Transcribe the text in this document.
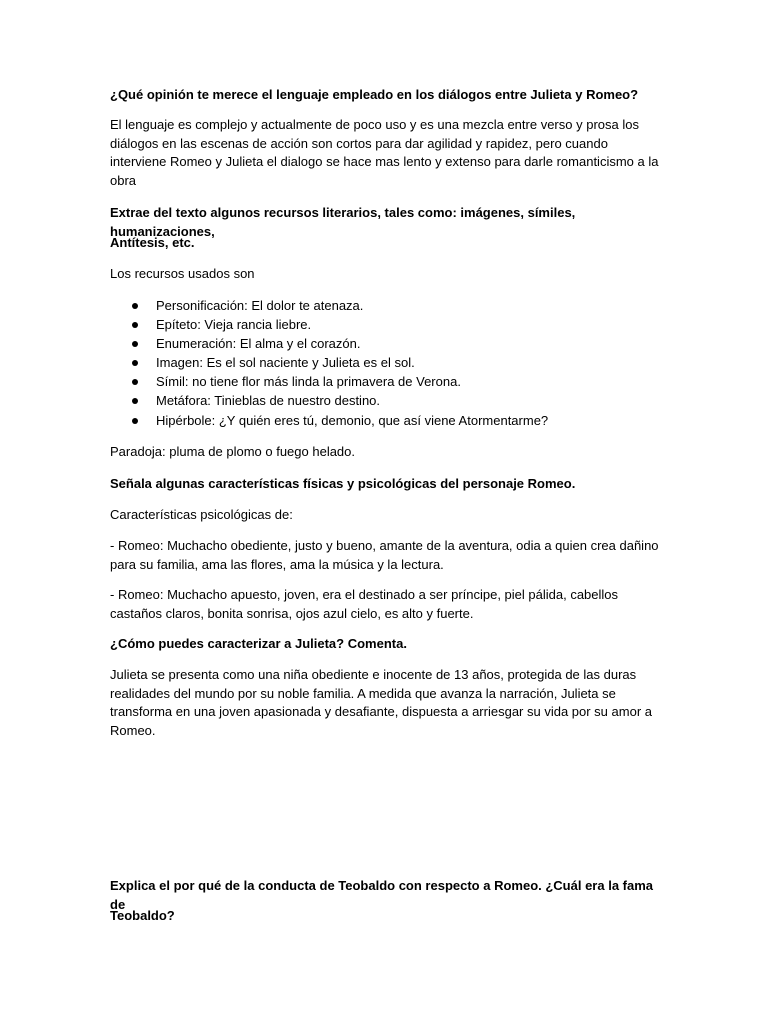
¿Qué opinión te merece el lenguaje empleado en los diálogos entre Julieta y Romeo?

El lenguaje es complejo y actualmente de poco uso y es una mezcla entre verso y prosa los diálogos en las escenas de acción son cortos para dar agilidad y rapidez, pero cuando interviene Romeo y Julieta el dialogo se hace mas lento y extenso para darle romanticismo a la obra

Extrae del texto algunos recursos literarios, tales como: imágenes, símiles, humanizaciones,

Antítesis, etc.

Los recursos usados son

Personificación: El dolor te atenaza.
Epíteto: Vieja rancia liebre.
Enumeración: El alma y el corazón.
Imagen: Es el sol naciente y Julieta es el sol.
Símil: no tiene flor más linda la primavera de Verona.
Metáfora: Tinieblas de nuestro destino.
Hipérbole: ¿Y quién eres tú, demonio, que así viene Atormentarme?

Paradoja: pluma de plomo o fuego helado.

Señala algunas características físicas y psicológicas del personaje Romeo.

Características psicológicas de:

- Romeo: Muchacho obediente, justo y bueno, amante de la aventura, odia a quien crea dañino para su familia, ama las flores, ama la música y la lectura.

- Romeo: Muchacho apuesto, joven, era el destinado a ser príncipe, piel pálida, cabellos castaños claros, bonita sonrisa, ojos azul cielo, es alto y fuerte.

¿Cómo puedes caracterizar a Julieta? Comenta.

Julieta se presenta como una niña obediente e inocente de 13 años, protegida de las duras realidades del mundo por su noble familia. A medida que avanza la narración, Julieta se transforma en una joven apasionada y desafiante, dispuesta a arriesgar su vida por su amor a Romeo.

Explica el por qué de la conducta de Teobaldo con respecto a Romeo. ¿Cuál era la fama de

Teobaldo?
